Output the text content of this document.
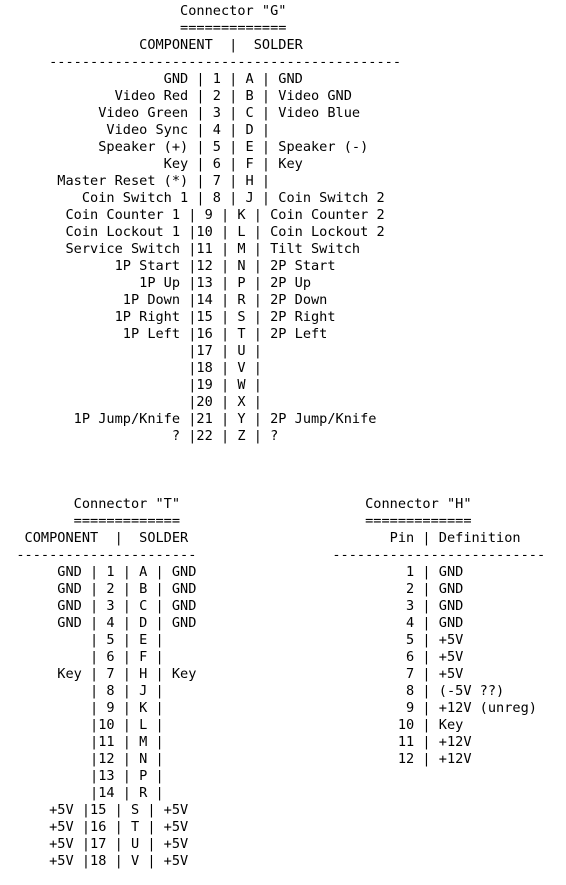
Connector "G"
=============
COMPONENT  |  SOLDER
-------------------------------------------
GND | 1 | A | GND
Video Red | 2 | B | Video GND
Video Green | 3 | C | Video Blue
Video Sync | 4 | D |
Speaker (+) | 5 | E | Speaker (-)
Key | 6 | F | Key
Master Reset (*) | 7 | H |
Coin Switch 1 | 8 | J | Coin Switch 2
Coin Counter 1 | 9 | K | Coin Counter 2
Coin Lockout 1 |10 | L | Coin Lockout 2
Service Switch |11 | M | Tilt Switch
1P Start |12 | N | 2P Start
1P Up |13 | P | 2P Up
1P Down |14 | R | 2P Down
1P Right |15 | S | 2P Right
1P Left |16 | T | 2P Left
|17 | U |
|18 | V |
|19 | W |
|20 | X |
1P Jump/Knife |21 | Y | 2P Jump/Knife
? |22 | Z | ?
Connector "T"
=============
COMPONENT  |  SOLDER
----------------------
GND | 1 | A | GND
GND | 2 | B | GND
GND | 3 | C | GND
GND | 4 | D | GND
| 5 | E |
| 6 | F |
Key | 7 | H | Key
| 8 | J |
| 9 | K |
|10 | L |
|11 | M |
|12 | N |
|13 | P |
|14 | R |
+5V |15 | S | +5V
+5V |16 | T | +5V
+5V |17 | U | +5V
+5V |18 | V | +5V
Connector "H"
=============
Pin | Definition
--------------------------
1 | GND
2 | GND
3 | GND
4 | GND
5 | +5V
6 | +5V
7 | +5V
8 | (-5V ??)
9 | +12V (unreg)
10 | Key
11 | +12V
12 | +12V
